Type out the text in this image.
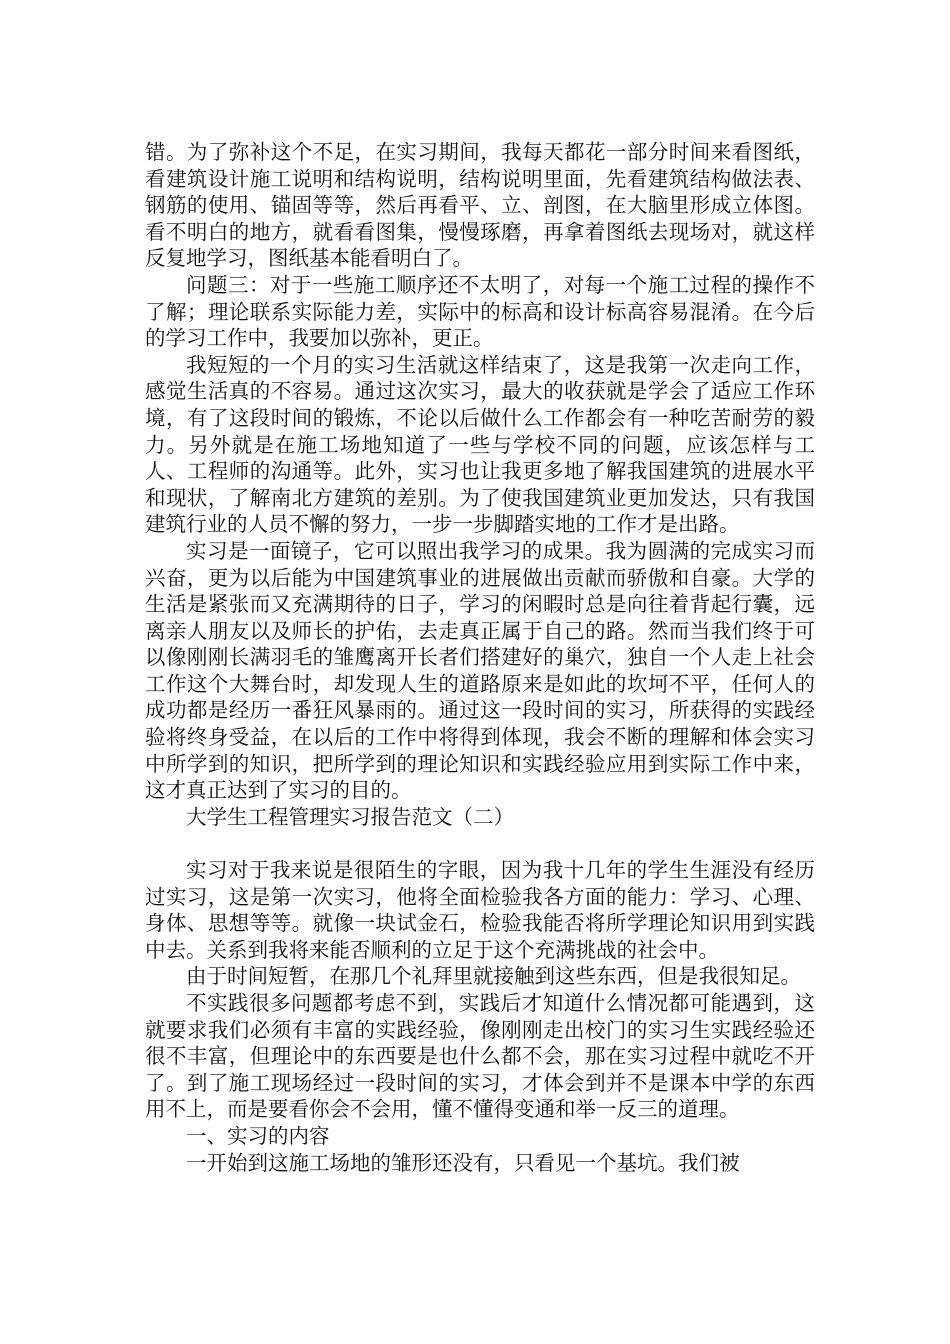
错。为了弥补这个不足，在实习期间，我每天都花一部分时间来看图纸，看建筑设计施工说明和结构说明，结构说明里面，先看建筑结构做法表、钢筋的使用、锚固等等，然后再看平、立、剖图，在大脑里形成立体图。看不明白的地方，就看看图集，慢慢琢磨，再拿着图纸去现场对，就这样反复地学习，图纸基本能看明白了。

问题三：对于一些施工顺序还不太明了，对每一个施工过程的操作不了解；理论联系实际能力差，实际中的标高和设计标高容易混淆。在今后的学习工作中，我要加以弥补，更正。

我短短的一个月的实习生活就这样结束了，这是我第一次走向工作，感觉生活真的不容易。通过这次实习，最大的收获就是学会了适应工作环境，有了这段时间的锻炼，不论以后做什么工作都会有一种吃苦耐劳的毅力。另外就是在施工场地知道了一些与学校不同的问题，应该怎样与工人、工程师的沟通等。此外，实习也让我更多地了解我国建筑的进展水平和现状，了解南北方建筑的差别。为了使我国建筑业更加发达，只有我国建筑行业的人员不懈的努力，一步一步脚踏实地的工作才是出路。

实习是一面镜子，它可以照出我学习的成果。我为圆满的完成实习而兴奋，更为以后能为中国建筑事业的进展做出贡献而骄傲和自豪。大学的生活是紧张而又充满期待的日子，学习的闲暇时总是向往着背起行囊，远离亲人朋友以及师长的护佑，去走真正属于自己的路。然而当我们终于可以像刚刚长满羽毛的雏鹰离开长者们搭建好的巢穴，独自一个人走上社会工作这个大舞台时，却发现人生的道路原来是如此的坎坷不平，任何人的成功都是经历一番狂风暴雨的。通过这一段时间的实习，所获得的实践经验将终身受益，在以后的工作中将得到体现，我会不断的理解和体会实习中所学到的知识，把所学到的理论知识和实践经验应用到实际工作中来，这才真正达到了实习的目的。

大学生工程管理实习报告范文（二）

实习对于我来说是很陌生的字眼，因为我十几年的学生生涯没有经历过实习，这是第一次实习，他将全面检验我各方面的能力：学习、心理、身体、思想等等。就像一块试金石，检验我能否将所学理论知识用到实践中去。关系到我将来能否顺利的立足于这个充满挑战的社会中。

由于时间短暂，在那几个礼拜里就接触到这些东西，但是我很知足。

不实践很多问题都考虑不到，实践后才知道什么情况都可能遇到，这就要求我们必须有丰富的实践经验，像刚刚走出校门的实习生实践经验还很不丰富，但理论中的东西要是也什么都不会，那在实习过程中就吃不开了。到了施工现场经过一段时间的实习，才体会到并不是课本中学的东西用不上，而是要看你会不会用，懂不懂得变通和举一反三的道理。

一、实习的内容

一开始到这施工场地的雏形还没有，只看见一个基坑。我们被
